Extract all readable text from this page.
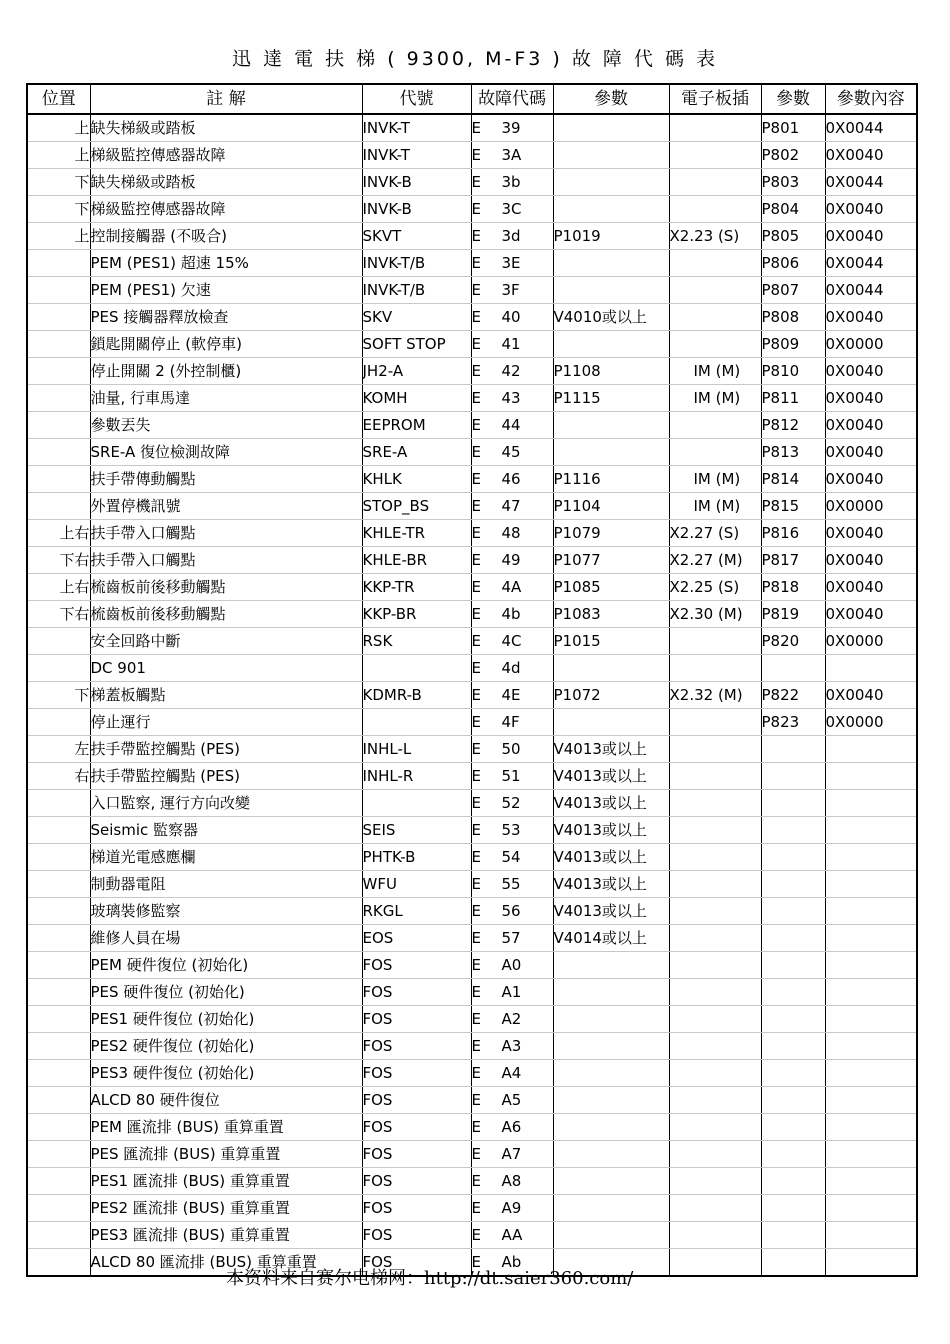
迅 達 電 扶 梯 ( 9300, M-F3 ) 故 障 代 碼 表
位置	註 解	代號	故障代碼	參數	電子板插	參數	參數內容
上	缺失梯級或踏板	INVK-T	E 39			P801	0X0044
上	梯級監控傳感器故障	INVK-T	E 3A			P802	0X0040
下	缺失梯級或踏板	INVK-B	E 3b			P803	0X0044
下	梯級監控傳感器故障	INVK-B	E 3C			P804	0X0040
上	控制接觸器 (不吸合)	SKVT	E 3d	P1019	X2.23 (S)	P805	0X0040
	PEM (PES1) 超速 15%	INVK-T/B	E 3E			P806	0X0044
	PEM (PES1) 欠速	INVK-T/B	E 3F			P807	0X0044
	PES 接觸器釋放檢查	SKV	E 40	V4010或以上		P808	0X0040
	鎖匙開關停止 (軟停車)	SOFT STOP	E 41			P809	0X0000
	停止開關 2 (外控制櫃)	JH2-A	E 42	P1108	IM (M)	P810	0X0040
	油量, 行車馬達	KOMH	E 43	P1115	IM (M)	P811	0X0040
	參數丟失	EEPROM	E 44			P812	0X0040
	SRE-A 復位檢測故障	SRE-A	E 45			P813	0X0040
	扶手帶傳動觸點	KHLK	E 46	P1116	IM (M)	P814	0X0040
	外置停機訊號	STOP_BS	E 47	P1104	IM (M)	P815	0X0000
上右	扶手帶入口觸點	KHLE-TR	E 48	P1079	X2.27 (S)	P816	0X0040
下右	扶手帶入口觸點	KHLE-BR	E 49	P1077	X2.27 (M)	P817	0X0040
上右	梳齒板前後移動觸點	KKP-TR	E 4A	P1085	X2.25 (S)	P818	0X0040
下右	梳齒板前後移動觸點	KKP-BR	E 4b	P1083	X2.30 (M)	P819	0X0040
	安全回路中斷	RSK	E 4C	P1015		P820	0X0000
	DC 901		E 4d				
下	梯蓋板觸點	KDMR-B	E 4E	P1072	X2.32 (M)	P822	0X0040
	停止運行		E 4F			P823	0X0000
左	扶手帶監控觸點 (PES)	INHL-L	E 50	V4013或以上			
右	扶手帶監控觸點 (PES)	INHL-R	E 51	V4013或以上			
	入口監察, 運行方向改變		E 52	V4013或以上			
	Seismic 監察器	SEIS	E 53	V4013或以上			
	梯道光電感應欄	PHTK-B	E 54	V4013或以上			
	制動器電阻	WFU	E 55	V4013或以上			
	玻璃裝修監察	RKGL	E 56	V4013或以上			
	維修人員在場	EOS	E 57	V4014或以上			
	PEM 硬件復位 (初始化)	FOS	E A0				
	PES 硬件復位 (初始化)	FOS	E A1				
	PES1 硬件復位 (初始化)	FOS	E A2				
	PES2 硬件復位 (初始化)	FOS	E A3				
	PES3 硬件復位 (初始化)	FOS	E A4				
	ALCD 80 硬件復位	FOS	E A5				
	PEM 匯流排 (BUS) 重算重置	FOS	E A6				
	PES 匯流排 (BUS) 重算重置	FOS	E A7				
	PES1 匯流排 (BUS) 重算重置	FOS	E A8				
	PES2 匯流排 (BUS) 重算重置	FOS	E A9				
	PES3 匯流排 (BUS) 重算重置	FOS	E AA				
	ALCD 80 匯流排 (BUS) 重算重置	FOS	E Ab				
本资料来自赛尔电梯网：http://dt.saier360.com/
